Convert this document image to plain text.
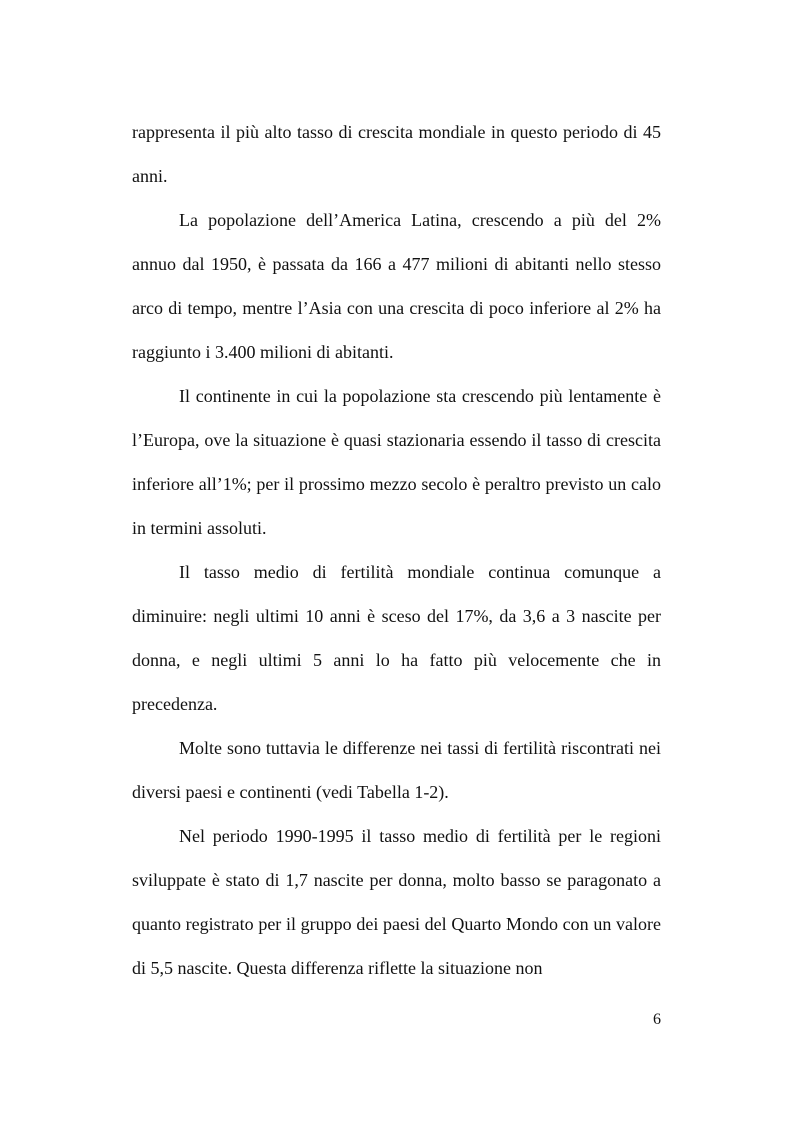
rappresenta il più alto tasso di crescita mondiale in questo periodo di 45 anni.

La popolazione dell’America Latina, crescendo a più del 2% annuo dal 1950, è passata da 166 a 477 milioni di abitanti nello stesso arco di tempo, mentre l’Asia con una crescita di poco inferiore al 2% ha raggiunto i 3.400 milioni di abitanti.

Il continente in cui la popolazione sta crescendo più lentamente è l’Europa, ove la situazione è quasi stazionaria essendo il tasso di crescita inferiore all’1%; per il prossimo mezzo secolo è peraltro previsto un calo in termini assoluti.

Il tasso medio di fertilità mondiale continua comunque a diminuire: negli ultimi 10 anni è sceso del 17%, da 3,6 a 3 nascite per donna, e negli ultimi 5 anni lo ha fatto più velocemente che in precedenza.

Molte sono tuttavia le differenze nei tassi di fertilità riscontrati nei diversi paesi e continenti (vedi Tabella 1-2).

Nel periodo 1990-1995 il tasso medio di fertilità per le regioni sviluppate è stato di 1,7 nascite per donna, molto basso se paragonato a quanto registrato per il gruppo dei paesi del Quarto Mondo con un valore di 5,5 nascite. Questa differenza riflette la situazione non

6
